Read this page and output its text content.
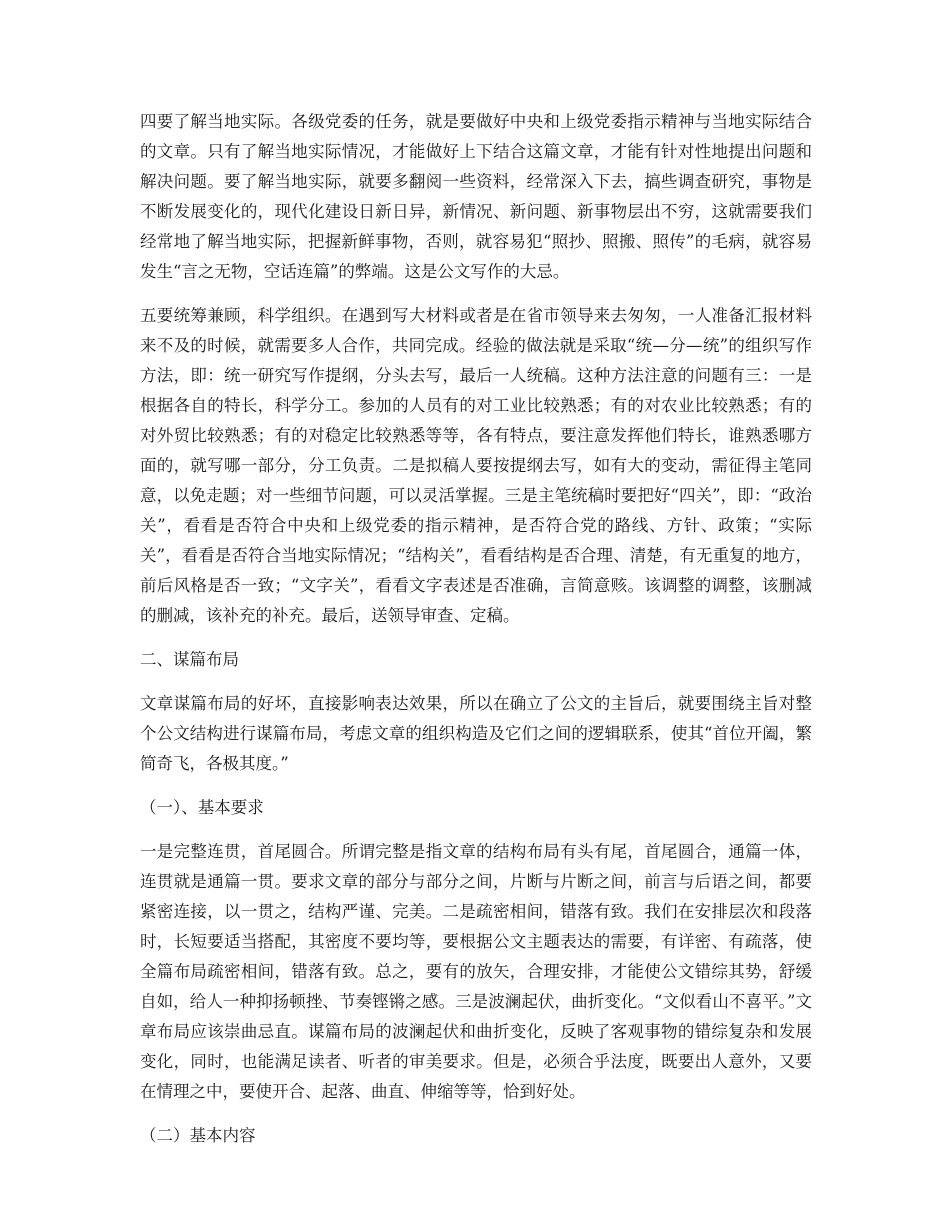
四要了解当地实际。各级党委的任务，就是要做好中央和上级党委指示精神与当地实际结合的文章。只有了解当地实际情况，才能做好上下结合这篇文章，才能有针对性地提出问题和解决问题。要了解当地实际，就要多翻阅一些资料，经常深入下去，搞些调查研究，事物是不断发展变化的，现代化建设日新日异，新情况、新问题、新事物层出不穷，这就需要我们经常地了解当地实际，把握新鲜事物，否则，就容易犯“照抄、照搬、照传”的毛病，就容易发生“言之无物，空话连篇”的弊端。这是公文写作的大忌。

五要统筹兼顾，科学组织。在遇到写大材料或者是在省市领导来去匆匆，一人准备汇报材料来不及的时候，就需要多人合作，共同完成。经验的做法就是采取“统—分—统”的组织写作方法，即：统一研究写作提纲，分头去写，最后一人统稿。这种方法注意的问题有三：一是根据各自的特长，科学分工。参加的人员有的对工业比较熟悉；有的对农业比较熟悉；有的对外贸比较熟悉；有的对稳定比较熟悉等等，各有特点，要注意发挥他们特长，谁熟悉哪方面的，就写哪一部分，分工负责。二是拟稿人要按提纲去写，如有大的变动，需征得主笔同意，以免走题；对一些细节问题，可以灵活掌握。三是主笔统稿时要把好“四关”，即：“政治关”，看看是否符合中央和上级党委的指示精神，是否符合党的路线、方针、政策；“实际关”，看看是否符合当地实际情况；“结构关”，看看结构是否合理、清楚，有无重复的地方，前后风格是否一致；“文字关”，看看文字表述是否准确，言简意赅。该调整的调整，该删减的删减，该补充的补充。最后，送领导审查、定稿。

二、谋篇布局

文章谋篇布局的好坏，直接影响表达效果，所以在确立了公文的主旨后，就要围绕主旨对整个公文结构进行谋篇布局，考虑文章的组织构造及它们之间的逻辑联系，使其“首位开阖，繁简奇飞，各极其度。”

（一）、基本要求

一是完整连贯，首尾圆合。所谓完整是指文章的结构布局有头有尾，首尾圆合，通篇一体，连贯就是通篇一贯。要求文章的部分与部分之间，片断与片断之间，前言与后语之间，都要紧密连接，以一贯之，结构严谨、完美。二是疏密相间，错落有致。我们在安排层次和段落时，长短要适当搭配，其密度不要均等，要根据公文主题表达的需要，有详密、有疏落，使全篇布局疏密相间，错落有致。总之，要有的放矢，合理安排，才能使公文错综其势，舒缓自如，给人一种抑扬顿挫、节奏铿锵之感。三是波澜起伏，曲折变化。“文似看山不喜平。”文章布局应该崇曲忌直。谋篇布局的波澜起伏和曲折变化，反映了客观事物的错综复杂和发展变化，同时，也能满足读者、听者的审美要求。但是，必须合乎法度，既要出人意外，又要在情理之中，要使开合、起落、曲直、伸缩等等，恰到好处。

（二）基本内容
